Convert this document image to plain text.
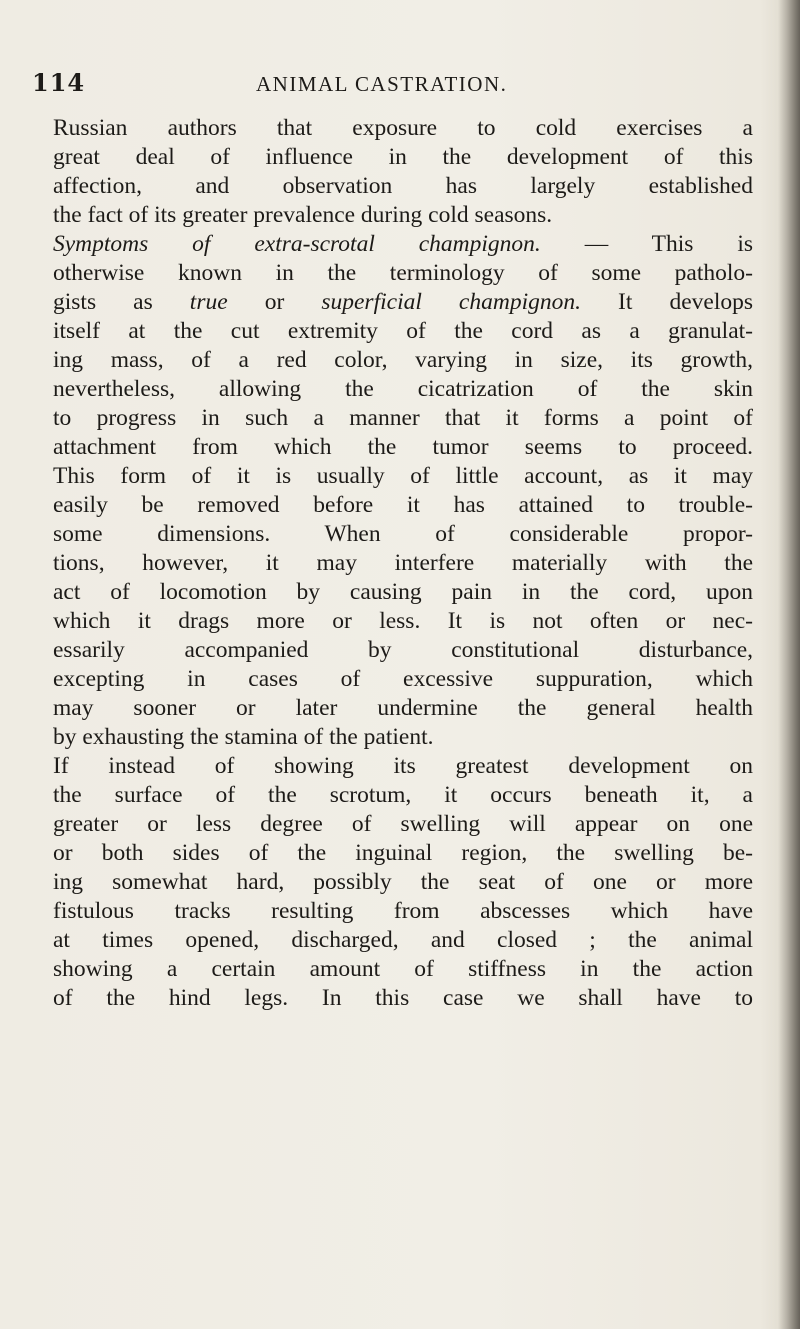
114	ANIMAL CASTRATION.
Russian authors that exposure to cold exercises a
great deal of influence in the development of this
affection, and observation has largely established
the fact of its greater prevalence during cold seasons.
Symptoms of extra-scrotal champignon. — This is
otherwise known in the terminology of some patholo-
gists as true or superficial champignon. It develops
itself at the cut extremity of the cord as a granulat-
ing mass, of a red color, varying in size, its growth,
nevertheless, allowing the cicatrization of the skin
to progress in such a manner that it forms a point of
attachment from which the tumor seems to proceed.
This form of it is usually of little account, as it may
easily be removed before it has attained to trouble-
some dimensions. When of considerable propor-
tions, however, it may interfere materially with the
act of locomotion by causing pain in the cord, upon
which it drags more or less. It is not often or nec-
essarily accompanied by constitutional disturbance,
excepting in cases of excessive suppuration, which
may sooner or later undermine the general health
by exhausting the stamina of the patient.
If instead of showing its greatest development on
the surface of the scrotum, it occurs beneath it, a
greater or less degree of swelling will appear on one
or both sides of the inguinal region, the swelling be-
ing somewhat hard, possibly the seat of one or more
fistulous tracks resulting from abscesses which have
at times opened, discharged, and closed ; the animal
showing a certain amount of stiffness in the action
of the hind legs. In this case we shall have to
